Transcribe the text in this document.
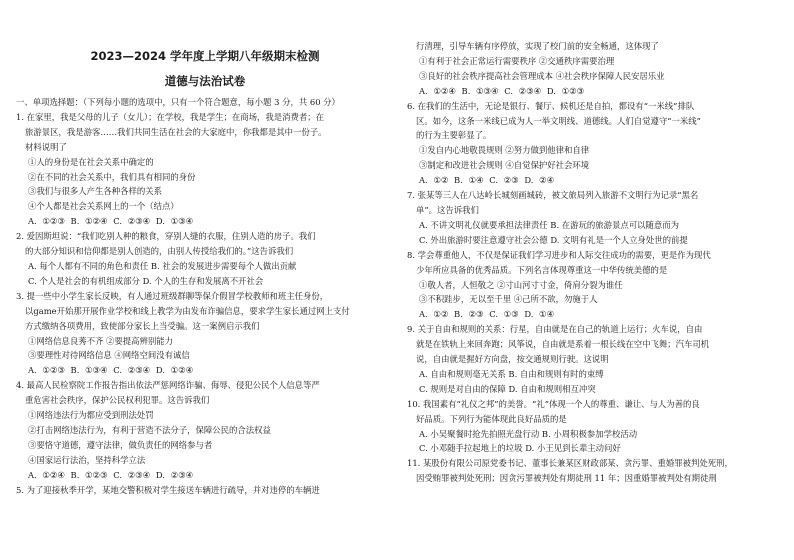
2023—2024 学年度上学期八年级期末检测
道德与法治试卷
一、单项选择题：（下列每小题的选项中，只有一个符合题意，每小题 3 分，共 60 分）
1. 在家里，我是父母的儿子（女儿）；在学校，我是学生；在商场，我是消费者；在
旅游景区，我是游客……我们共同生活在社会的大家庭中，你我都是其中一份子。
材料说明了
①人的身份是在社会关系中确定的
②在不同的社会关系中，我们具有相同的身份
③我们与很多人产生各种各样的关系
④个人都是社会关系网上的一个（结点）
A. ①②③ B. ①②④ C. ②③④ D. ①③④
2. 爱因斯坦说：“我们吃别人种的粮食，穿别人缝的衣服，住别人造的房子。我们
的大部分知识和信仰都是别人创造的，由别人传授给我们的。”这告诉我们
A. 每个人都有不同的角色和责任 B. 社会的发展进步需要每个人做出贡献
C. 个人是社会的有机组成部分 D. 个人的生存和发展离不开社会
3. 提一些中小学生家长反映，有人通过班级群聊等保介假冒学校教师和班主任身份，
以game开始那开展作业学校和线上教学为由发布诈骗信息，要求学生家长通过网上支付
方式缴纳各项费用，致使部分家长上当受骗。这一案例启示我们
①网络信息良莠不齐 ②要提高辨别能力
③要理性对待网络信息 ④网络空间没有诚信
A. ①②③ B. ①③④ C. ②③④ D. ①②④
4. 最高人民检察院工作报告指出依法严惩网络诈骗、侮辱、侵犯公民个人信息等严
重危害社会秩序，保护公民权利犯罪。这告诉我们
①网络违法行为都应受到刑法处罚
②打击网络违法行为，有利于营造不法分子，保障公民的合法权益
③要恪守道德，遵守法律，做负责任的网络参与者
④国家运行法治，坚持科学立法
A. ①②④ B. ①②③ C. ②③④ D. ②③④
5. 为了迎接秋季开学，某地交警积极对学生接送车辆进行疏导，并对违停的车辆进
行清理，引导车辆有序停放，实现了校门前的安全畅通，这体现了
①有利于社会正常运行需要秩序 ②交通秩序需要治理
③良好的社会秩序提高社会管理成本 ④社会秩序保障人民安居乐业
A. ①②④ B. ①③④ C. ②③④ D. ①②③
6. 在我们的生活中，无论是银行、餐厅、候机还是自拍，都设有“一米线”排队
区。如今，这条一米线已成为人一举文明线、道德线。人们自觉遵守“一米线”
的行为主要彰显了。
①发自内心地敬畏规则 ②努力做到他律和自律
③制定和改进社会规则 ④自觉保护好社会环境
A. ①② B. ①④ C. ②③ D. ②④
7. 张某等三人在八达岭长城刻画城砖，被文旅局列入旅游不文明行为记录“黑名
单”。这告诉我们
A. 不讲文明礼仪就要承担法律责任 B. 在游玩的旅游景点可以随意而为
C. 外出旅游时要注意遵守社会公德 D. 文明有礼是一个人立身处世的前提
8. 学会尊重他人，不仅是保证我们学习进步和人际交往成功的需要，更是作为现代
少年所应具备的优秀品质。下列名言体现尊重这一中华传统美德的是
①敬人者，人恒敬之 ②寸山河寸寸金，倚肩分裂为谁任
③不积跬步，无以至千里 ④己所不欲，勿施于人
A. ①② B. ②③ C. ①③ D. ①④
9. 关于自由和规则的关系：行星，自由就是在自己的轨道上运行；火车说，自由
就是在铁轨上来回奔跑；风筝说，自由就是系着一根长线在空中飞舞；汽车司机
说，自由就是握好方向盘，按交通规则行驶。这说明
A. 自由和规则毫无关系 B. 自由和规则有时的束缚
C. 规则是对自由的保障 D. 自由和规则相互冲突
10. 我国素有“礼仪之邦”的美誉。“礼”体现一个人的尊重、谦让、与人为善的良
好品质。下列行为能体现此良好品质的是
A. 小吴聚餐时抢先拍照光盘行动 B. 小周积极参加学校活动
C. 小邓随手拉起地上的垃圾 D. 小王见到长辈主动问好
11. 某股份有限公司原党委书记、董事长兼某区财政部某、贪污罪、重婚罪被判处死刑，
因受贿罪被判处死刑；因贪污罪被判处有期徒刑 11 年；因重婚罪被判处有期徒刑
